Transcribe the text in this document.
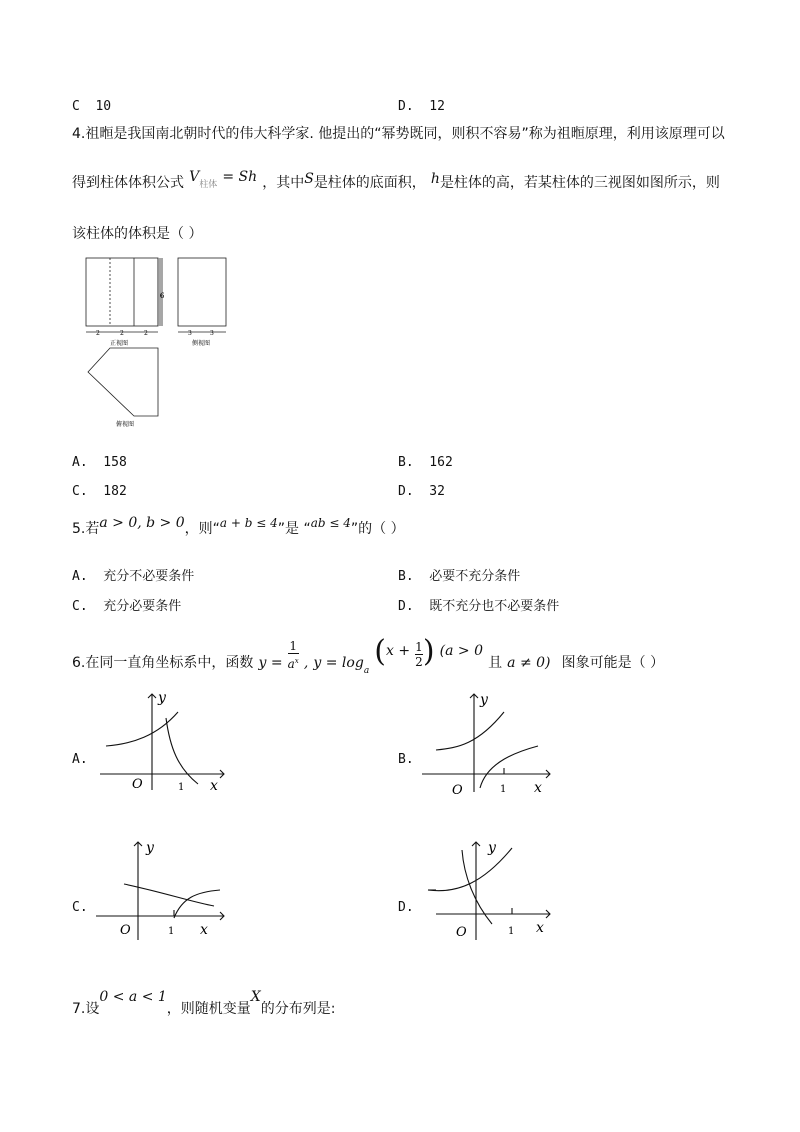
C  10	D.  12
4.祖暅是我国南北朝时代的伟大科学家. 他提出的“幂势既同，则积不容易”称为祖暅原理，利用该原理可以
得到柱体体积公式 V柱体 = Sh ，其中S是柱体的底面积， h是柱体的高，若某柱体的三视图如图所示，则
该柱体的体积是（ ）
6
2	2	2
正视图
3	3
侧视图
俯视图
A.  158	B.  162
C.  182	D.  32
5.若a > 0, b > 0，则“$^{a + b \le 4}$”是 “$^{ab \le 4}$”的（ ）
A.  充分不必要条件	B.  必要不充分条件
C.  充分必要条件	D.  既不充分也不必要条件
6.在同一直角坐标系中，函数 $y = \frac{1}{a^x}$ , $y = \log_a (x + \frac{1}{2}$ ) (a > 0 且 a ≠ 0) 图象可能是（ ）
A.	B.
C.	D.
y
x
O	1
y
x
O	1
y
x
O	1
y
x
O	1
7.设0 < a < 1，则随机变量X的分布列是:
